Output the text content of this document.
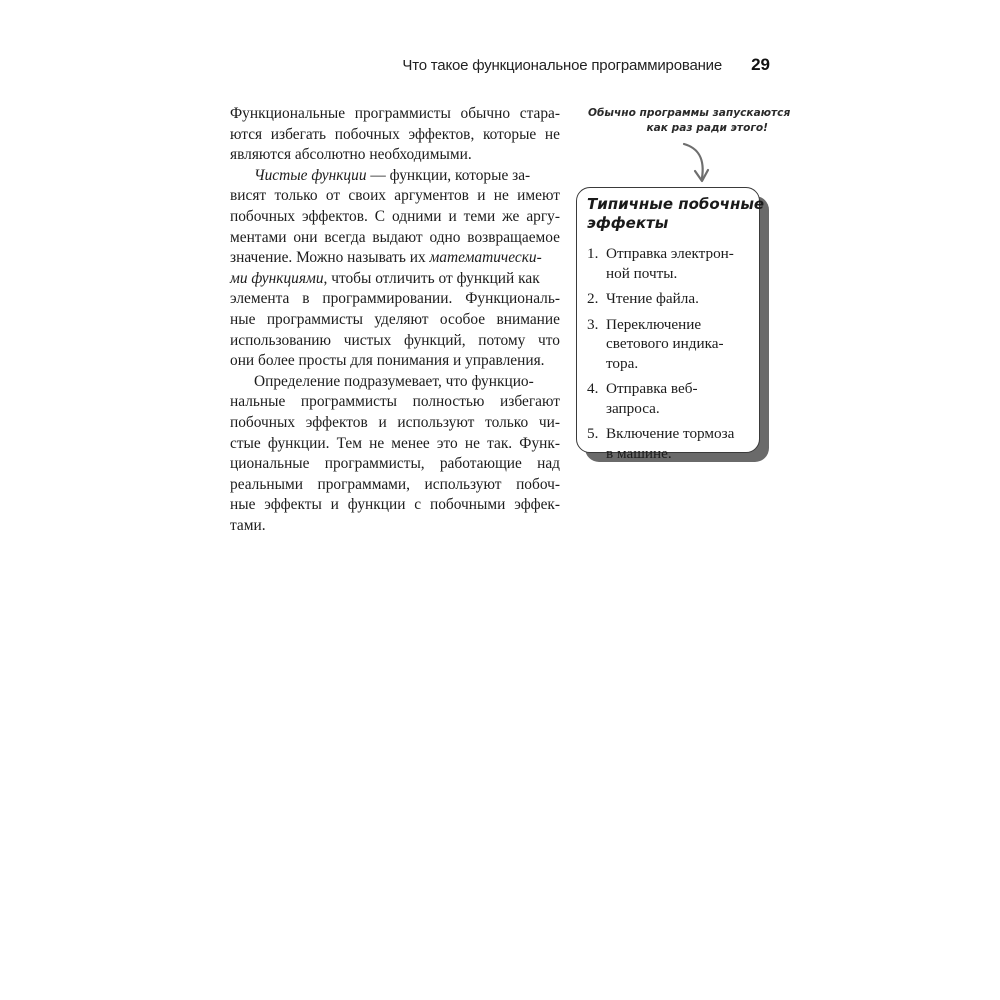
Что такое функциональное программирование 29
Функциональные программисты обычно стара-
ются избегать побочных эффектов, которые не
являются абсолютно необходимыми.
Чистые функции — функции, которые за-
висят только от своих аргументов и не имеют
побочных эффектов. С одними и теми же аргу-
ментами они всегда выдают одно возвращаемое
значение. Можно называть их математически-
ми функциями, чтобы отличить от функций как
элемента в программировании. Функциональ-
ные программисты уделяют особое внимание
использованию чистых функций, потому что
они более просты для понимания и управления.
Определение подразумевает, что функцио-
нальные программисты полностью избегают
побочных эффектов и используют только чи-
стые функции. Тем не менее это не так. Функ-
циональные программисты, работающие над
реальными программами, используют побоч-
ные эффекты и функции с побочными эффек-
тами.
Обычно программы запускаются
как раз ради этого!
Типичные побочные
эффекты
1. Отправка электрон-
ной почты.
2. Чтение файла.
3. Переключение
светового индика-
тора.
4. Отправка веб-
запроса.
5. Включение тормоза
в машине.
